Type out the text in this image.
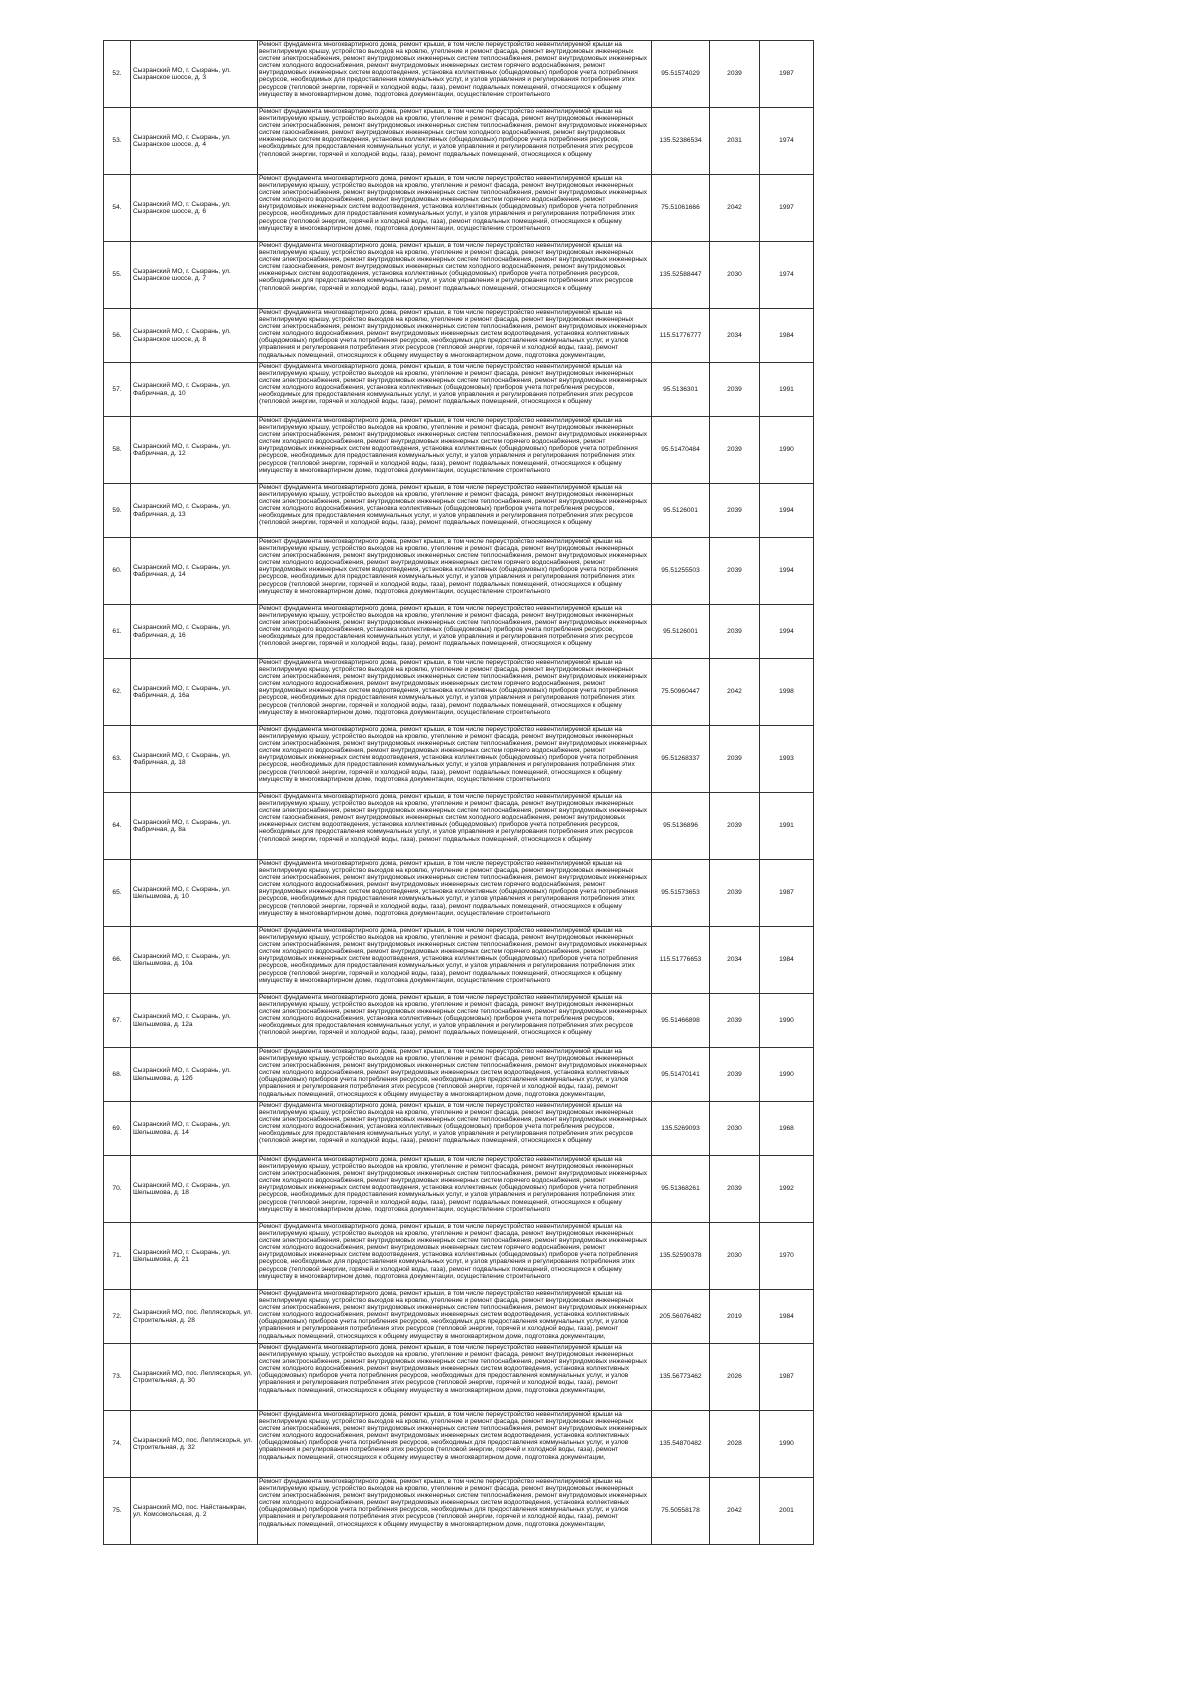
52.	Сызранский МО, г. Сызрань, ул. Сызранское шоссе, д. 3	Ремонт фундамента многоквартирного дома, ремонт крыши, в том числе переустройство невентилируемой крыши на вентилируемую крышу, устройство выходов на кровлю, утепление и ремонт фасада, ремонт внутридомовых инженерных систем электроснабжения, ремонт внутридомовых инженерных систем теплоснабжения, ремонт внутридомовых инженерных систем холодного водоснабжения, ремонт внутридомовых инженерных систем горячего водоснабжения, ремонт внутридомовых инженерных систем водоотведения, установка коллективных (общедомовых) приборов учета потребления ресурсов, необходимых для предоставления коммунальных услуг, и узлов управления и регулирования потребления этих ресурсов (тепловой энергии, горячей и холодной воды, газа), ремонт подвальных помещений, относящихся к общему имуществу в многоквартирном доме, подготовка документации, осуществление строительного	95.51574029	2039	1987
53.	Сызранский МО, г. Сызрань, ул. Сызранское шоссе, д. 4	Ремонт фундамента многоквартирного дома, ремонт крыши, в том числе переустройство невентилируемой крыши на вентилируемую крышу, устройство выходов на кровлю, утепление и ремонт фасада, ремонт внутридомовых инженерных систем электроснабжения, ремонт внутридомовых инженерных систем теплоснабжения, ремонт внутридомовых инженерных систем газоснабжения, ремонт внутридомовых инженерных систем холодного водоснабжения, ремонт внутридомовых инженерных систем водоотведения, установка коллективных (общедомовых) приборов учета потребления ресурсов, необходимых для предоставления коммунальных услуг, и узлов управления и регулирования потребления этих ресурсов (тепловой энергии, горячей и холодной воды, газа), ремонт подвальных помещений, относящихся к общему	135.52386534	2031	1974
54.	Сызранский МО, г. Сызрань, ул. Сызранское шоссе, д. 6	Ремонт фундамента многоквартирного дома, ремонт крыши, в том числе переустройство невентилируемой крыши на вентилируемую крышу, устройство выходов на кровлю, утепление и ремонт фасада, ремонт внутридомовых инженерных систем электроснабжения, ремонт внутридомовых инженерных систем теплоснабжения, ремонт внутридомовых инженерных систем холодного водоснабжения, ремонт внутридомовых инженерных систем горячего водоснабжения, ремонт внутридомовых инженерных систем водоотведения, установка коллективных (общедомовых) приборов учета потребления ресурсов, необходимых для предоставления коммунальных услуг, и узлов управления и регулирования потребления этих ресурсов (тепловой энергии, горячей и холодной воды, газа), ремонт подвальных помещений, относящихся к общему имуществу в многоквартирном доме, подготовка документации, осуществление строительного	75.51061666	2042	1997
55.	Сызранский МО, г. Сызрань, ул. Сызранское шоссе, д. 7	Ремонт фундамента многоквартирного дома, ремонт крыши, в том числе переустройство невентилируемой крыши на вентилируемую крышу, устройство выходов на кровлю, утепление и ремонт фасада, ремонт внутридомовых инженерных систем электроснабжения, ремонт внутридомовых инженерных систем теплоснабжения, ремонт внутридомовых инженерных систем газоснабжения, ремонт внутридомовых инженерных систем холодного водоснабжения, ремонт внутридомовых инженерных систем водоотведения, установка коллективных (общедомовых) приборов учета потребления ресурсов, необходимых для предоставления коммунальных услуг, и узлов управления и регулирования потребления этих ресурсов (тепловой энергии, горячей и холодной воды, газа), ремонт подвальных помещений, относящихся к общему	135.52588447	2030	1974
56.	Сызранский МО, г. Сызрань, ул. Сызранское шоссе, д. 8	Ремонт фундамента многоквартирного дома, ремонт крыши, в том числе переустройство невентилируемой крыши на вентилируемую крышу, устройство выходов на кровлю, утепление и ремонт фасада, ремонт внутридомовых инженерных систем электроснабжения, ремонт внутридомовых инженерных систем теплоснабжения, ремонт внутридомовых инженерных систем холодного водоснабжения, ремонт внутридомовых инженерных систем водоотведения, установка коллективных (общедомовых) приборов учета потребления ресурсов, необходимых для предоставления коммунальных услуг, и узлов управления и регулирования потребления этих ресурсов (тепловой энергии, горячей и холодной воды, газа), ремонт подвальных помещений, относящихся к общему имуществу в многоквартирном доме, подготовка документации,	115.51776777	2034	1984
57.	Сызранский МО, г. Сызрань, ул. Фабричная, д. 10	Ремонт фундамента многоквартирного дома, ремонт крыши, в том числе переустройство невентилируемой крыши на вентилируемую крышу, устройство выходов на кровлю, утепление и ремонт фасада, ремонт внутридомовых инженерных систем электроснабжения, ремонт внутридомовых инженерных систем теплоснабжения, ремонт внутридомовых инженерных систем холодного водоснабжения, установка коллективных (общедомовых) приборов учета потребления ресурсов, необходимых для предоставления коммунальных услуг, и узлов управления и регулирования потребления этих ресурсов (тепловой энергии, горячей и холодной воды, газа), ремонт подвальных помещений, относящихся к общему	95.5136301	2039	1991
58.	Сызранский МО, г. Сызрань, ул. Фабричная, д. 12	Ремонт фундамента многоквартирного дома, ремонт крыши, в том числе переустройство невентилируемой крыши на вентилируемую крышу, устройство выходов на кровлю, утепление и ремонт фасада, ремонт внутридомовых инженерных систем электроснабжения, ремонт внутридомовых инженерных систем теплоснабжения, ремонт внутридомовых инженерных систем холодного водоснабжения, ремонт внутридомовых инженерных систем горячего водоснабжения, ремонт внутридомовых инженерных систем водоотведения, установка коллективных (общедомовых) приборов учета потребления ресурсов, необходимых для предоставления коммунальных услуг, и узлов управления и регулирования потребления этих ресурсов (тепловой энергии, горячей и холодной воды, газа), ремонт подвальных помещений, относящихся к общему имуществу в многоквартирном доме, подготовка документации, осуществление строительного	95.51470484	2039	1990
59.	Сызранский МО, г. Сызрань, ул. Фабричная, д. 13	Ремонт фундамента многоквартирного дома, ремонт крыши, в том числе переустройство невентилируемой крыши на вентилируемую крышу, устройство выходов на кровлю, утепление и ремонт фасада, ремонт внутридомовых инженерных систем электроснабжения, ремонт внутридомовых инженерных систем теплоснабжения, ремонт внутридомовых инженерных систем холодного водоснабжения, установка коллективных (общедомовых) приборов учета потребления ресурсов, необходимых для предоставления коммунальных услуг, и узлов управления и регулирования потребления этих ресурсов (тепловой энергии, горячей и холодной воды, газа), ремонт подвальных помещений, относящихся к общему	95.5126001	2039	1994
60.	Сызранский МО, г. Сызрань, ул. Фабричная, д. 14	Ремонт фундамента многоквартирного дома, ремонт крыши, в том числе переустройство невентилируемой крыши на вентилируемую крышу, устройство выходов на кровлю, утепление и ремонт фасада, ремонт внутридомовых инженерных систем электроснабжения, ремонт внутридомовых инженерных систем теплоснабжения, ремонт внутридомовых инженерных систем холодного водоснабжения, ремонт внутридомовых инженерных систем горячего водоснабжения, ремонт внутридомовых инженерных систем водоотведения, установка коллективных (общедомовых) приборов учета потребления ресурсов, необходимых для предоставления коммунальных услуг, и узлов управления и регулирования потребления этих ресурсов (тепловой энергии, горячей и холодной воды, газа), ремонт подвальных помещений, относящихся к общему имуществу в многоквартирном доме, подготовка документации, осуществление строительного	95.51255503	2039	1994
61.	Сызранский МО, г. Сызрань, ул. Фабричная, д. 16	Ремонт фундамента многоквартирного дома, ремонт крыши, в том числе переустройство невентилируемой крыши на вентилируемую крышу, устройство выходов на кровлю, утепление и ремонт фасада, ремонт внутридомовых инженерных систем электроснабжения, ремонт внутридомовых инженерных систем теплоснабжения, ремонт внутридомовых инженерных систем холодного водоснабжения, установка коллективных (общедомовых) приборов учета потребления ресурсов, необходимых для предоставления коммунальных услуг, и узлов управления и регулирования потребления этих ресурсов (тепловой энергии, горячей и холодной воды, газа), ремонт подвальных помещений, относящихся к общему	95.5126001	2039	1994
62.	Сызранский МО, г. Сызрань, ул. Фабричная, д. 16а	Ремонт фундамента многоквартирного дома, ремонт крыши, в том числе переустройство невентилируемой крыши на вентилируемую крышу, устройство выходов на кровлю, утепление и ремонт фасада, ремонт внутридомовых инженерных систем электроснабжения, ремонт внутридомовых инженерных систем теплоснабжения, ремонт внутридомовых инженерных систем холодного водоснабжения, ремонт внутридомовых инженерных систем горячего водоснабжения, ремонт внутридомовых инженерных систем водоотведения, установка коллективных (общедомовых) приборов учета потребления ресурсов, необходимых для предоставления коммунальных услуг, и узлов управления и регулирования потребления этих ресурсов (тепловой энергии, горячей и холодной воды, газа), ремонт подвальных помещений, относящихся к общему имуществу в многоквартирном доме, подготовка документации, осуществление строительного	75.50960447	2042	1998
63.	Сызранский МО, г. Сызрань, ул. Фабричная, д. 18	Ремонт фундамента многоквартирного дома, ремонт крыши, в том числе переустройство невентилируемой крыши на вентилируемую крышу, устройство выходов на кровлю, утепление и ремонт фасада, ремонт внутридомовых инженерных систем электроснабжения, ремонт внутридомовых инженерных систем теплоснабжения, ремонт внутридомовых инженерных систем холодного водоснабжения, ремонт внутридомовых инженерных систем горячего водоснабжения, ремонт внутридомовых инженерных систем водоотведения, установка коллективных (общедомовых) приборов учета потребления ресурсов, необходимых для предоставления коммунальных услуг, и узлов управления и регулирования потребления этих ресурсов (тепловой энергии, горячей и холодной воды, газа), ремонт подвальных помещений, относящихся к общему имуществу в многоквартирном доме, подготовка документации, осуществление строительного	95.51268337	2039	1993
64.	Сызранский МО, г. Сызрань, ул. Фабричная, д. 8а	Ремонт фундамента многоквартирного дома, ремонт крыши, в том числе переустройство невентилируемой крыши на вентилируемую крышу, устройство выходов на кровлю, утепление и ремонт фасада, ремонт внутридомовых инженерных систем электроснабжения, ремонт внутридомовых инженерных систем теплоснабжения, ремонт внутридомовых инженерных систем газоснабжения, ремонт внутридомовых инженерных систем холодного водоснабжения, ремонт внутридомовых инженерных систем водоотведения, установка коллективных (общедомовых) приборов учета потребления ресурсов, необходимых для предоставления коммунальных услуг, и узлов управления и регулирования потребления этих ресурсов (тепловой энергии, горячей и холодной воды, газа), ремонт подвальных помещений, относящихся к общему	95.5136896	2039	1991
65.	Сызранский МО, г. Сызрань, ул. Шельшмова, д. 10	Ремонт фундамента многоквартирного дома, ремонт крыши, в том числе переустройство невентилируемой крыши на вентилируемую крышу, устройство выходов на кровлю, утепление и ремонт фасада, ремонт внутридомовых инженерных систем электроснабжения, ремонт внутридомовых инженерных систем теплоснабжения, ремонт внутридомовых инженерных систем холодного водоснабжения, ремонт внутридомовых инженерных систем горячего водоснабжения, ремонт внутридомовых инженерных систем водоотведения, установка коллективных (общедомовых) приборов учета потребления ресурсов, необходимых для предоставления коммунальных услуг, и узлов управления и регулирования потребления этих ресурсов (тепловой энергии, горячей и холодной воды, газа), ремонт подвальных помещений, относящихся к общему имуществу в многоквартирном доме, подготовка документации, осуществление строительного	95.51573653	2039	1987
66.	Сызранский МО, г. Сызрань, ул. Шельшмова, д. 10а	Ремонт фундамента многоквартирного дома, ремонт крыши, в том числе переустройство невентилируемой крыши на вентилируемую крышу, устройство выходов на кровлю, утепление и ремонт фасада, ремонт внутридомовых инженерных систем электроснабжения, ремонт внутридомовых инженерных систем теплоснабжения, ремонт внутридомовых инженерных систем холодного водоснабжения, ремонт внутридомовых инженерных систем горячего водоснабжения, ремонт внутридомовых инженерных систем водоотведения, установка коллективных (общедомовых) приборов учета потребления ресурсов, необходимых для предоставления коммунальных услуг, и узлов управления и регулирования потребления этих ресурсов (тепловой энергии, горячей и холодной воды, газа), ремонт подвальных помещений, относящихся к общему имуществу в многоквартирном доме, подготовка документации, осуществление строительного	115.51776653	2034	1984
67.	Сызранский МО, г. Сызрань, ул. Шельшмова, д. 12а	Ремонт фундамента многоквартирного дома, ремонт крыши, в том числе переустройство невентилируемой крыши на вентилируемую крышу, устройство выходов на кровлю, утепление и ремонт фасада, ремонт внутридомовых инженерных систем электроснабжения, ремонт внутридомовых инженерных систем теплоснабжения, ремонт внутридомовых инженерных систем холодного водоснабжения, установка коллективных (общедомовых) приборов учета потребления ресурсов, необходимых для предоставления коммунальных услуг, и узлов управления и регулирования потребления этих ресурсов (тепловой энергии, горячей и холодной воды, газа), ремонт подвальных помещений, относящихся к общему	95.51466898	2039	1990
68.	Сызранский МО, г. Сызрань, ул. Шельшмова, д. 12б	Ремонт фундамента многоквартирного дома, ремонт крыши, в том числе переустройство невентилируемой крыши на вентилируемую крышу, устройство выходов на кровлю, утепление и ремонт фасада, ремонт внутридомовых инженерных систем электроснабжения, ремонт внутридомовых инженерных систем теплоснабжения, ремонт внутридомовых инженерных систем холодного водоснабжения, ремонт внутридомовых инженерных систем водоотведения, установка коллективных (общедомовых) приборов учета потребления ресурсов, необходимых для предоставления коммунальных услуг, и узлов управления и регулирования потребления этих ресурсов (тепловой энергии, горячей и холодной воды, газа), ремонт подвальных помещений, относящихся к общему имуществу в многоквартирном доме, подготовка документации,	95.51470141	2039	1990
69.	Сызранский МО, г. Сызрань, ул. Шельшмова, д. 14	Ремонт фундамента многоквартирного дома, ремонт крыши, в том числе переустройство невентилируемой крыши на вентилируемую крышу, устройство выходов на кровлю, утепление и ремонт фасада, ремонт внутридомовых инженерных систем электроснабжения, ремонт внутридомовых инженерных систем теплоснабжения, ремонт внутридомовых инженерных систем холодного водоснабжения, установка коллективных (общедомовых) приборов учета потребления ресурсов, необходимых для предоставления коммунальных услуг, и узлов управления и регулирования потребления этих ресурсов (тепловой энергии, горячей и холодной воды, газа), ремонт подвальных помещений, относящихся к общему	135.5269093	2030	1968
70.	Сызранский МО, г. Сызрань, ул. Шельшмова, д. 18	Ремонт фундамента многоквартирного дома, ремонт крыши, в том числе переустройство невентилируемой крыши на вентилируемую крышу, устройство выходов на кровлю, утепление и ремонт фасада, ремонт внутридомовых инженерных систем электроснабжения, ремонт внутридомовых инженерных систем теплоснабжения, ремонт внутридомовых инженерных систем холодного водоснабжения, ремонт внутридомовых инженерных систем горячего водоснабжения, ремонт внутридомовых инженерных систем водоотведения, установка коллективных (общедомовых) приборов учета потребления ресурсов, необходимых для предоставления коммунальных услуг, и узлов управления и регулирования потребления этих ресурсов (тепловой энергии, горячей и холодной воды, газа), ремонт подвальных помещений, относящихся к общему имуществу в многоквартирном доме, подготовка документации, осуществление строительного	95.51368261	2039	1992
71.	Сызранский МО, г. Сызрань, ул. Шельшмова, д. 21	Ремонт фундамента многоквартирного дома, ремонт крыши, в том числе переустройство невентилируемой крыши на вентилируемую крышу, устройство выходов на кровлю, утепление и ремонт фасада, ремонт внутридомовых инженерных систем электроснабжения, ремонт внутридомовых инженерных систем теплоснабжения, ремонт внутридомовых инженерных систем холодного водоснабжения, ремонт внутридомовых инженерных систем горячего водоснабжения, ремонт внутридомовых инженерных систем водоотведения, установка коллективных (общедомовых) приборов учета потребления ресурсов, необходимых для предоставления коммунальных услуг, и узлов управления и регулирования потребления этих ресурсов (тепловой энергии, горячей и холодной воды, газа), ремонт подвальных помещений, относящихся к общему имуществу в многоквартирном доме, подготовка документации, осуществление строительного	135.52590378	2030	1970
72.	Сызранский МО, пос. Лепляскорья, ул. Строительная, д. 28	Ремонт фундамента многоквартирного дома, ремонт крыши, в том числе переустройство невентилируемой крыши на вентилируемую крышу, устройство выходов на кровлю, утепление и ремонт фасада, ремонт внутридомовых инженерных систем электроснабжения, ремонт внутридомовых инженерных систем теплоснабжения, ремонт внутридомовых инженерных систем холодного водоснабжения, ремонт внутридомовых инженерных систем водоотведения, установка коллективных (общедомовых) приборов учета потребления ресурсов, необходимых для предоставления коммунальных услуг, и узлов управления и регулирования потребления этих ресурсов (тепловой энергии, горячей и холодной воды, газа), ремонт подвальных помещений, относящихся к общему имуществу в многоквартирном доме, подготовка документации,	205.56076482	2019	1984
73.	Сызранский МО, пос. Лепляскорья, ул. Строительная, д. 30	Ремонт фундамента многоквартирного дома, ремонт крыши, в том числе переустройство невентилируемой крыши на вентилируемую крышу, устройство выходов на кровлю, утепление и ремонт фасада, ремонт внутридомовых инженерных систем электроснабжения, ремонт внутридомовых инженерных систем теплоснабжения, ремонт внутридомовых инженерных систем холодного водоснабжения, ремонт внутридомовых инженерных систем водоотведения, установка коллективных (общедомовых) приборов учета потребления ресурсов, необходимых для предоставления коммунальных услуг, и узлов управления и регулирования потребления этих ресурсов (тепловой энергии, горячей и холодной воды, газа), ремонт подвальных помещений, относящихся к общему имуществу в многоквартирном доме, подготовка документации,	135.56773462	2026	1987
74.	Сызранский МО, пос. Лепляскорья, ул. Строительная, д. 32	Ремонт фундамента многоквартирного дома, ремонт крыши, в том числе переустройство невентилируемой крыши на вентилируемую крышу, устройство выходов на кровлю, утепление и ремонт фасада, ремонт внутридомовых инженерных систем электроснабжения, ремонт внутридомовых инженерных систем теплоснабжения, ремонт внутридомовых инженерных систем холодного водоснабжения, ремонт внутридомовых инженерных систем водоотведения, установка коллективных (общедомовых) приборов учета потребления ресурсов, необходимых для предоставления коммунальных услуг, и узлов управления и регулирования потребления этих ресурсов (тепловой энергии, горячей и холодной воды, газа), ремонт подвальных помещений, относящихся к общему имуществу в многоквартирном доме, подготовка документации,	135.54870482	2028	1990
75.	Сызранский МО, пос. Найстаныкран, ул. Комсомольская, д. 2	Ремонт фундамента многоквартирного дома, ремонт крыши, в том числе переустройство невентилируемой крыши на вентилируемую крышу, устройство выходов на кровлю, утепление и ремонт фасада, ремонт внутридомовых инженерных систем электроснабжения, ремонт внутридомовых инженерных систем теплоснабжения, ремонт внутридомовых инженерных систем холодного водоснабжения, ремонт внутридомовых инженерных систем водоотведения, установка коллективных (общедомовых) приборов учета потребления ресурсов, необходимых для предоставления коммунальных услуг, и узлов управления и регулирования потребления этих ресурсов (тепловой энергии, горячей и холодной воды, газа), ремонт подвальных помещений, относящихся к общему имуществу в многоквартирном доме, подготовка документации,	75.50558178	2042	2001
